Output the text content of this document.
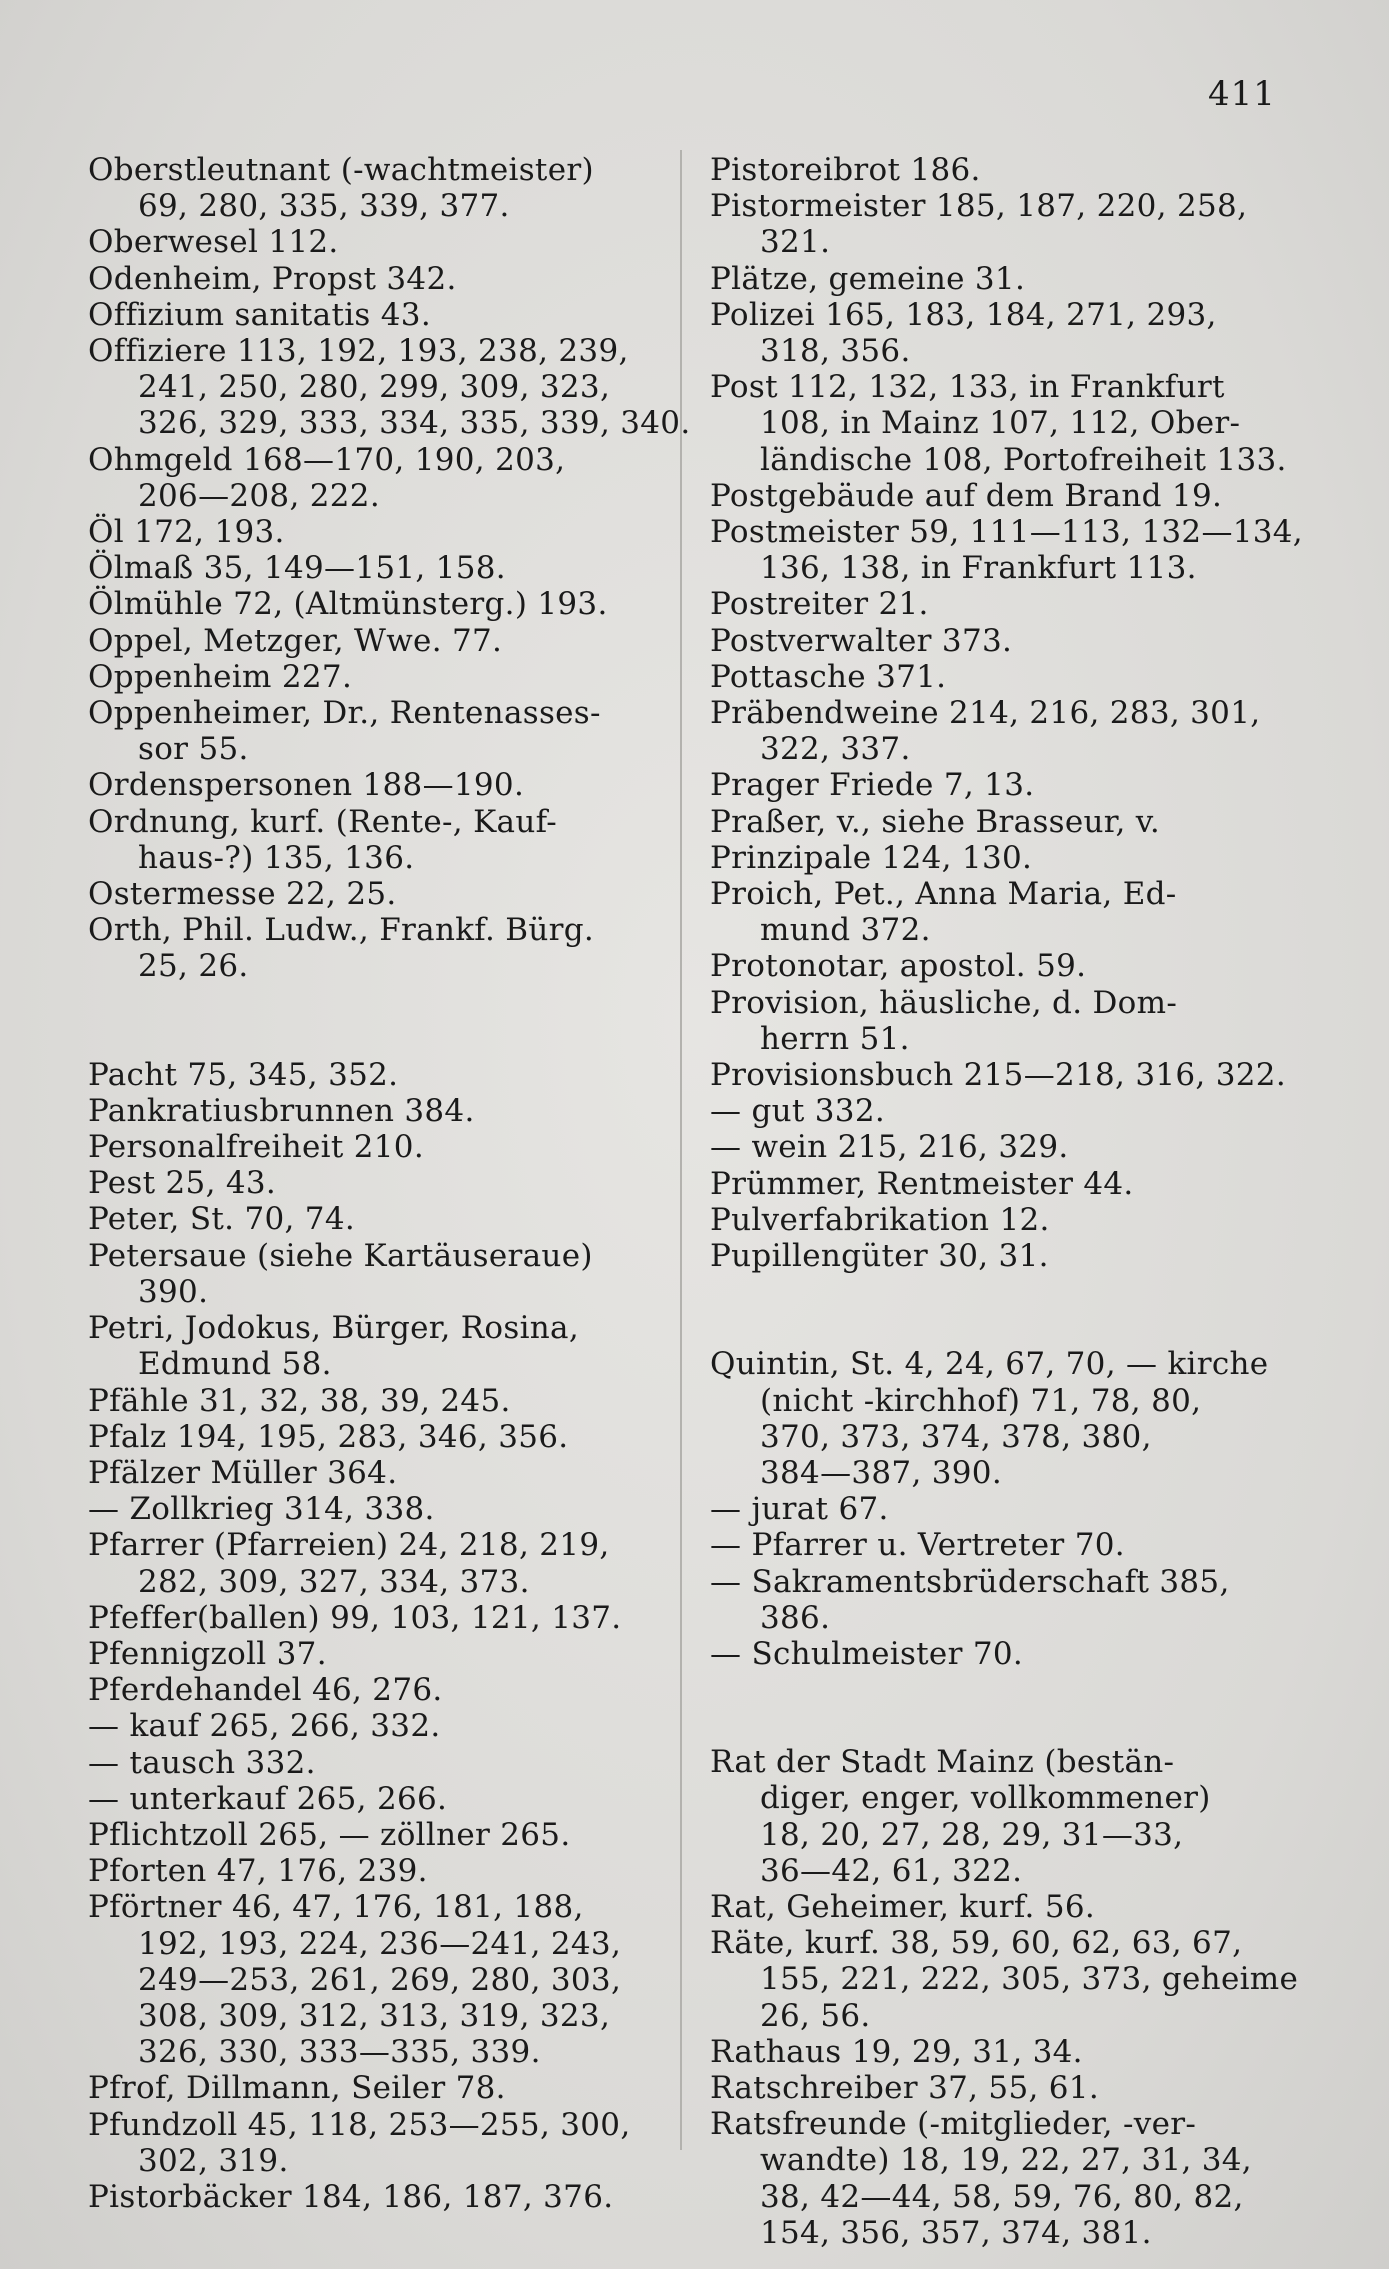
411
Oberstleutnant (-wachtmeister)
69, 280, 335, 339, 377.
Oberwesel 112.
Odenheim, Propst 342.
Offizium sanitatis 43.
Offiziere 113, 192, 193, 238, 239,
241, 250, 280, 299, 309, 323,
326, 329, 333, 334, 335, 339, 340.
Ohmgeld 168—170, 190, 203,
206—208, 222.
Öl 172, 193.
Ölmaß 35, 149—151, 158.
Ölmühle 72, (Altmünsterg.) 193.
Oppel, Metzger, Wwe. 77.
Oppenheim 227.
Oppenheimer, Dr., Rentenasses-
sor 55.
Ordenspersonen 188—190.
Ordnung, kurf. (Rente-, Kauf-
haus-?) 135, 136.
Ostermesse 22, 25.
Orth, Phil. Ludw., Frankf. Bürg.
25, 26.
Pacht 75, 345, 352.
Pankratiusbrunnen 384.
Personalfreiheit 210.
Pest 25, 43.
Peter, St. 70, 74.
Petersaue (siehe Kartäuseraue)
390.
Petri, Jodokus, Bürger, Rosina,
Edmund 58.
Pfähle 31, 32, 38, 39, 245.
Pfalz 194, 195, 283, 346, 356.
Pfälzer Müller 364.
— Zollkrieg 314, 338.
Pfarrer (Pfarreien) 24, 218, 219,
282, 309, 327, 334, 373.
Pfeffer(ballen) 99, 103, 121, 137.
Pfennigzoll 37.
Pferdehandel 46, 276.
— kauf 265, 266, 332.
— tausch 332.
— unterkauf 265, 266.
Pflichtzoll 265, — zöllner 265.
Pforten 47, 176, 239.
Pförtner 46, 47, 176, 181, 188,
192, 193, 224, 236—241, 243,
249—253, 261, 269, 280, 303,
308, 309, 312, 313, 319, 323,
326, 330, 333—335, 339.
Pfrof, Dillmann, Seiler 78.
Pfundzoll 45, 118, 253—255, 300,
302, 319.
Pistorbäcker 184, 186, 187, 376.
Pistoreibrot 186.
Pistormeister 185, 187, 220, 258,
321.
Plätze, gemeine 31.
Polizei 165, 183, 184, 271, 293,
318, 356.
Post 112, 132, 133, in Frankfurt
108, in Mainz 107, 112, Ober-
ländische 108, Portofreiheit 133.
Postgebäude auf dem Brand 19.
Postmeister 59, 111—113, 132—134,
136, 138, in Frankfurt 113.
Postreiter 21.
Postverwalter 373.
Pottasche 371.
Präbendweine 214, 216, 283, 301,
322, 337.
Prager Friede 7, 13.
Praßer, v., siehe Brasseur, v.
Prinzipale 124, 130.
Proich, Pet., Anna Maria, Ed-
mund 372.
Protonotar, apostol. 59.
Provision, häusliche, d. Dom-
herrn 51.
Provisionsbuch 215—218, 316, 322.
— gut 332.
— wein 215, 216, 329.
Prümmer, Rentmeister 44.
Pulverfabrikation 12.
Pupillengüter 30, 31.
Quintin, St. 4, 24, 67, 70, — kirche
(nicht -kirchhof) 71, 78, 80,
370, 373, 374, 378, 380,
384—387, 390.
— jurat 67.
— Pfarrer u. Vertreter 70.
— Sakramentsbrüderschaft 385,
386.
— Schulmeister 70.
Rat der Stadt Mainz (bestän-
diger, enger, vollkommener)
18, 20, 27, 28, 29, 31—33,
36—42, 61, 322.
Rat, Geheimer, kurf. 56.
Räte, kurf. 38, 59, 60, 62, 63, 67,
155, 221, 222, 305, 373, geheime
26, 56.
Rathaus 19, 29, 31, 34.
Ratschreiber 37, 55, 61.
Ratsfreunde (-mitglieder, -ver-
wandte) 18, 19, 22, 27, 31, 34,
38, 42—44, 58, 59, 76, 80, 82,
154, 356, 357, 374, 381.
